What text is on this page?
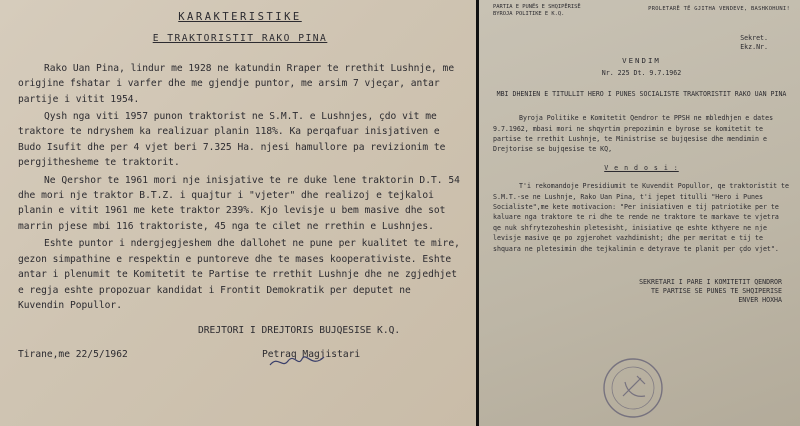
KARAKTERISTIKE

E TRAKTORISTIT RAKO PINA

Rako Uan Pina, lindur me 1928 ne katundin Rraper te rrethit Lushnje, me origjine fshatar i varfer dhe me gjendje puntor, me arsim 7 vjeçar, antar partije i vitit 1954.

Qysh nga viti 1957 punon traktorist ne S.M.T. e Lushnjes, çdo vit me traktore te ndryshem ka realizuar planin 118%. Ka perqafuar inisjativen e Budo Isufit dhe per 4 vjet beri 7.325 Ha. njesi hamullore pa revizionim te pergjithesheme te traktorit.

Ne Qershor te 1961 mori nje inisjative te re duke lene traktorin D.T. 54 dhe mori nje traktor B.T.Z. i quajtur i "vjeter" dhe realizoj e tejkaloi planin e vitit 1961 me kete traktor 239%. Kjo levisje u bem masive dhe sot marrin pjese mbi 116 traktoriste, 45 nga te cilet ne rrethin e Lushnjes.

Eshte puntor i ndergjegjeshem dhe dallohet ne pune per kualitet te mire, gezon simpathine e respektin e puntoreve dhe te mases kooperativiste. Eshte antar i plenumit te Komitetit te Partise te rrethit Lushnje dhe ne zgjedhjet e regja eshte propozuar kandidat i Frontit Demokratik per deputet ne Kuvendin Popullor.

DREJTORI I DREJTORIS BUJQESISE K.Q.
Tirane,me 22/5/1962	Petraq Magjistari
PARTIA E PUNËS E SHQIPËRISË
BYROJA POLITIKE E K.Q.
PROLETARË TË GJITHA VENDEVE, BASHKOHUNI!
Sekret.
Ekz.Nr.

VENDIM

Nr. 225 Dt. 9.7.1962

MBI DHENIEN E TITULLIT HERO I PUNES SOCIALISTE TRAKTORISTIT RAKO UAN PINA

Byroja Politike e Komitetit Qendror te PPSH ne mbledhjen e dates 9.7.1962, mbasi mori ne shqyrtim prepozimin e byrose se komitetit te partise te rrethit Lushnje, te Ministrise se bujqesise dhe mendimin e Drejtorise se bujqesise te KQ,

V e n d o s i :

T'i rekomandoje Presidiumit te Kuvendit Popullor, qe traktoristit te S.M.T.-se ne Lushnje, Rako Uan Pina, t'i jepet titulli "Hero i Punes Socialiste",me kete motivacion: "Per inisiativen e tij patriotike per te kaluare nga traktore te ri dhe te rende ne traktore te markave te vjetra qe nuk shfrytezoheshin pletesisht, inisiative qe eshte kthyere ne nje levisje masive qe po zgjerohet vazhdimisht; dhe per meritat e tij te shquara ne pletesimin dhe tejkalimin e detyrave te planit per çdo vjet".

SEKRETARI I PARE I KOMITETIT QENDROR
TE PARTISE SE PUNES TE SHQIPERISE
ENVER HOXHA
